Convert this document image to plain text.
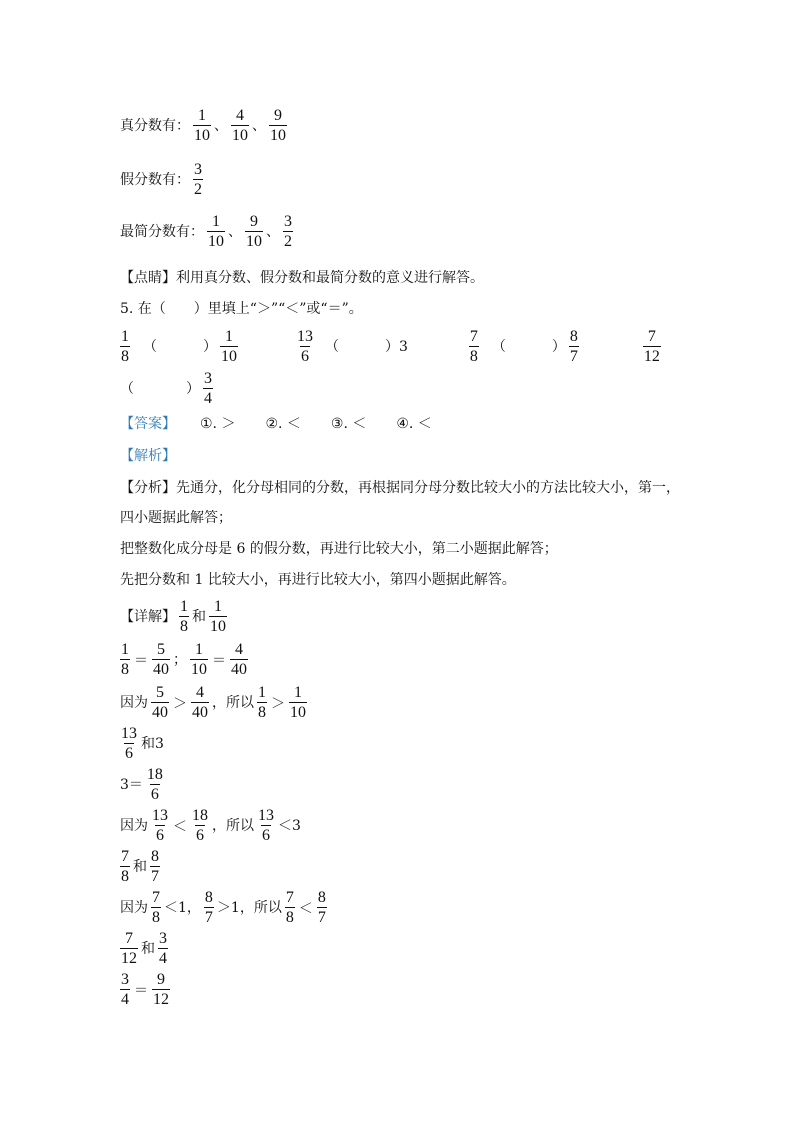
真分数有： $\frac{1}{10}$ 、 $\frac{4}{10}$ 、 $\frac{9}{10}$
假分数有： $\frac{3}{2}$
最简分数有： $\frac{1}{10}$ 、 $\frac{9}{10}$ 、 $\frac{3}{2}$
【点睛】利用真分数、假分数和最简分数的意义进行解答。
5. 在（　　）里填上“＞”“＜”或“＝”。
$\frac{1}{8}$ （	） $\frac{1}{10}$	$\frac{13}{6}$ （	） 3	$\frac{7}{8}$ （	） $\frac{8}{7}$	$\frac{7}{12}$
（	） $\frac{3}{4}$
【答案】 ①. ＞ ②. ＜ ③. ＜ ④. ＜
【解析】
【分析】先通分，化分母相同的分数，再根据同分母分数比较大小的方法比较大小，第一，
四小题据此解答；
把整数化成分母是 6 的假分数，再进行比较大小，第二小题据此解答；
先把分数和 1 比较大小，再进行比较大小，第四小题据此解答。
【详解】 $\frac{1}{8}$ 和 $\frac{1}{10}$
$\frac{1}{8} = \frac{5}{40}$ ； $\frac{1}{10} = \frac{4}{40}$
因为 $\frac{5}{40} > \frac{4}{40}$ ，所以 $\frac{1}{8} > \frac{1}{10}$
$\frac{13}{6}$ 和 3
$3= \frac{18}{6}$
因为 $\frac{13}{6} < \frac{18}{6}$ ，所以 $\frac{13}{6} <3$
$\frac{7}{8}$ 和 $\frac{8}{7}$
因为 $\frac{7}{8} <1$ ， $\frac{8}{7} >1$ ，所以 $\frac{7}{8} < \frac{8}{7}$
$\frac{7}{12}$ 和 $\frac{3}{4}$
$\frac{3}{4} = \frac{9}{12}$
